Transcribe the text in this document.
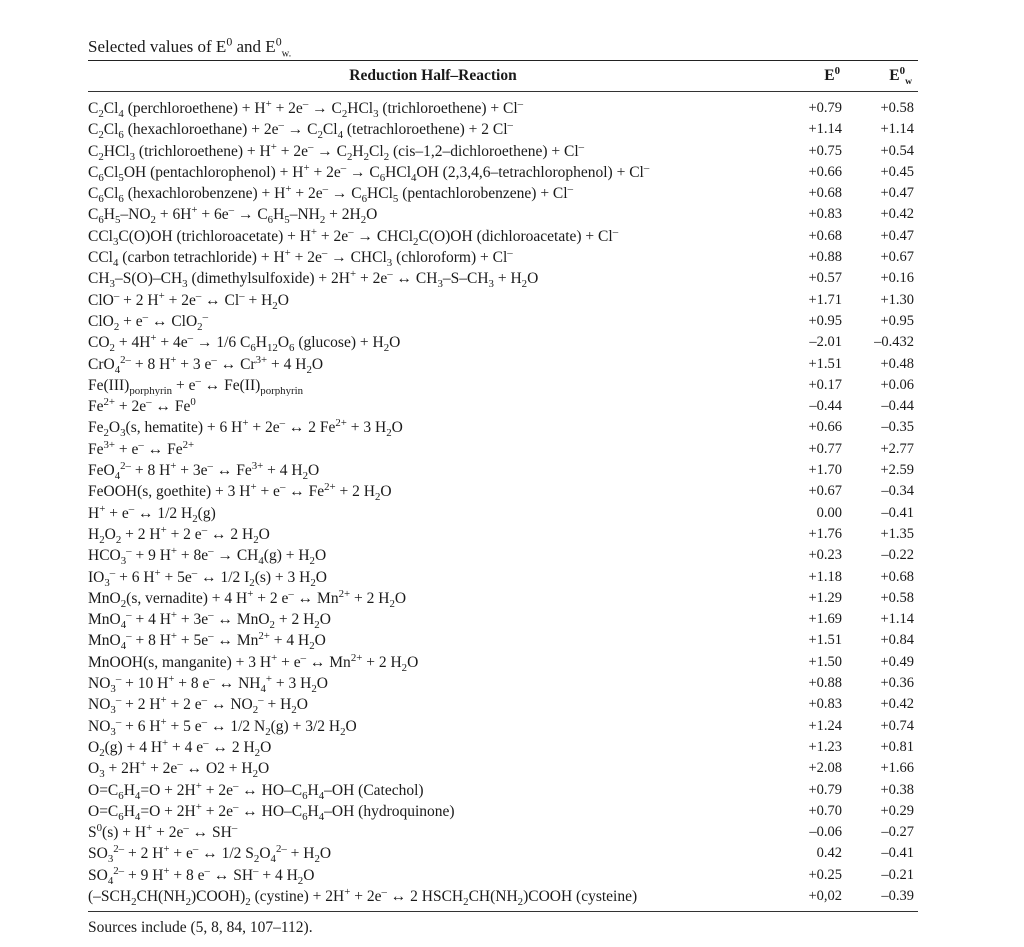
Selected values of $E^0$ and $E^0_{w.}$
Reduction Half–Reaction	$E^0$	$E^0_w$

$C_2Cl_4$ (perchloroethene) + $H^+ + 2e^- \to C_2HCl_3$ (trichloroethene) + Cl–	+0.79	+0.58
$C_2Cl_6$ (hexachloroethane) + $2e^- \to C_2Cl_4$ (tetrachloroethene) + 2 Cl–	+1.14	+1.14
$C_2HCl_3$ (trichloroethene) + $H^+ + 2e^- \to C_2H_2Cl_2$ (cis–1,2–dichloroethene) + Cl–	+0.75	+0.54
$C_6Cl_5OH$ (pentachlorophenol) + $H^+ + 2e^- \to C_6HCl_4OH$ (2,3,4,6–tetrachlorophenol) + Cl–	+0.66	+0.45
$C_6Cl_6$ (hexachlorobenzene) + $H^+ + 2e^- \to C_6HCl_5$ (pentachlorobenzene) + Cl–	+0.68	+0.47
$C_6H_5-NO_2 + 6H^+ + 6e^- \to C_6H_5-NH_2 + 2H_2O$	+0.83	+0.42
CCl$_3$C(O)OH (trichloroacetate) + H+ + 2e– → CHCl$_2$C(O)OH (dichloroacetate) + Cl–	+0.68	+0.47
CCl$_4$ (carbon tetrachloride) + H+ + 2e– → CHCl$_3$ (chloroform) + Cl–	+0.88	+0.67
$CH_3-S(O)-CH_3$ (dimethylsulfoxide) + 2H+ + 2e– ↔ $CH_3-S-CH_3 + H_2O$	+0.57	+0.16
ClO– + 2 H+ + 2e– ↔ $Cl^- + H_2O$	+1.71	+1.30
ClO$_2$ + e– ↔ ClO$_2$–	+0.95	+0.95
$CO_2 + 4H^+ + 4e^- \to 1/6$ $C_6H_{12}O_6$ $(glucose) + H_2O$	–2.01	–0.432
CrO$_4^{2-}$ + 8 H+ + 3 e– ↔ $Cr^{3+} + 4$ $H_2O$	+1.51	+0.48
$Fe(III)_{porphyrin} + e^-$ ↔ $Fe(II)_{porphyrin}$	+0.17	+0.06
$Fe^{2+} + 2e^-$ ↔ Fe$^0$	–0.44	–0.44
$Fe_2O_3(s$, hematite) + 6 H+ + 2e– ↔ 2 $Fe^{2+} + 3$ $H_2O$	+0.66	–0.35
$Fe^{3+} + e^-$ ↔ $Fe^{2+}$	+0.77	+2.77
FeO$_4^{2-}$ + 8 H+ + 3e– ↔ $Fe^{3+} + 4$ $H_2O$	+1.70	+2.59
FeOOH(s, goethite) + 3 H+ + e– ↔ $Fe^{2+} + 2$ $H_2O$	+0.67	–0.34
H+ + e– ↔ 1/2 $H_2(g)$	0.00	–0.41
$H_2O_2 + 2$ H+ + 2 e– ↔ 2 $H_2O$	+1.76	+1.35
$HCO_3^- + 9$ $H^+ + 8e^- \to CH_4(g) + H_2O$	+0.23	–0.22
$IO_3^- + 6$ H+ + 5e– ↔ 1/2 $I_2(s) + 3$ $H_2O$	+1.18	+0.68
MnO$_2$(s, vernadite) + 4 H+ + 2 e– ↔ $Mn^{2+} + 2$ $H_2O$	+1.29	+0.58
MnO$_4$– + 4 H+ + 3e– ↔ MnO$_2$ + 2 $H_2O$	+1.69	+1.14
MnO$_4$– + 8 H+ + 5e– ↔ $Mn^{2+} + 4$ $H_2O$	+1.51	+0.84
MnOOH(s, manganite) + 3 H+ + e– ↔ $Mn^{2+} + 2$ $H_2O$	+1.50	+0.49
$NO_3^- + 10$ H+ + 8 e– ↔ $NH_4^+ + 3$ $H_2O$	+0.88	+0.36
$NO_3^- + 2$ H+ + 2 e– ↔ $NO_2^- + H_2O$	+0.83	+0.42
$NO_3^- + 6$ H+ + 5 e– ↔ 1/2 $N_2(g) + 3/2$ $H_2O$	+1.24	+0.74
$O_2(g) + 4$ H+ + 4 e– ↔ 2 $H_2O$	+1.23	+0.81
$O_3 + 2H^+ + 2e^-$ ↔ $O2 + H_2O$	+2.08	+1.66
$O=C_6H_4=O + 2H^+ + 2e^-$ ↔ $HO-C_6H_4-OH$ (Catechol)	+0.79	+0.38
$O=C_6H_4=O + 2H^+ + 2e^-$ ↔ $HO-C_6H_4-OH$ (hydroquinone)	+0.70	+0.29
$S^0(s) + H^+ + 2e^-$ ↔ SH–	–0.06	–0.27
$SO_3^{2-} + 2$ H+ + e– ↔ 1/2 $S_2O_4^{2-} + H_2O$	0.42	–0.41
$SO_4^{2-} + 9$ H+ + 8 e– ↔ SH– + 4 $H_2O$	+0.25	–0.21
$(-SCH_2CH(NH_2)COOH)_2$ (cystine) + 2H+ + 2e– ↔ 2 $HSCH_2CH(NH_2)COOH$ (cysteine)	+0,02	–0.39
Sources include (5, 8, 84, 107–112).
